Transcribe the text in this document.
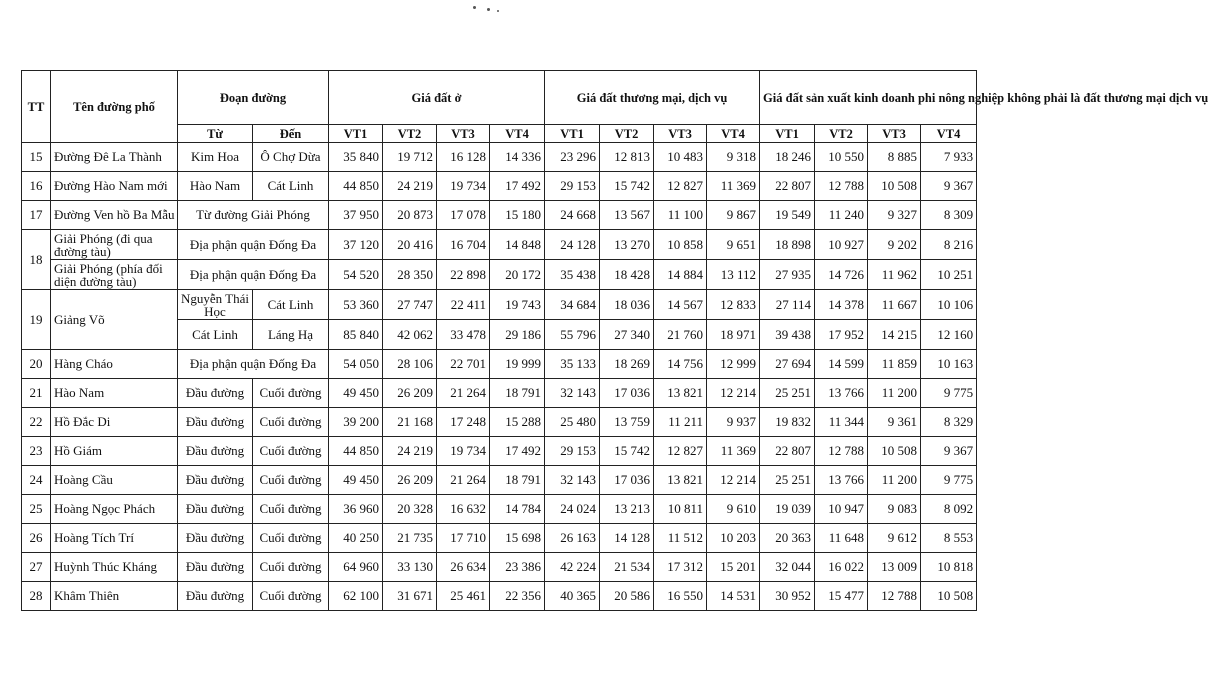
TT	Tên đường phố	Đoạn đường		Giá đất ở				Giá đất thương mại, dịch vụ				Giá đất sản xuất kinh doanh phi nông nghiệp không phải là đất thương mại dịch vụ			
		Từ	Đến	VT1	VT2	VT3	VT4	VT1	VT2	VT3	VT4	VT1	VT2	VT3	VT4
15	Đường Đê La Thành	Kim Hoa	Ô Chợ Dừa	35 840	19 712	16 128	14 336	23 296	12 813	10 483	9 318	18 246	10 550	8 885	7 933
16	Đường Hào Nam mới	Hào Nam	Cát Linh	44 850	24 219	19 734	17 492	29 153	15 742	12 827	11 369	22 807	12 788	10 508	9 367
17	Đường Ven hồ Ba Mẫu	Từ đường Giải Phóng		37 950	20 873	17 078	15 180	24 668	13 567	11 100	9 867	19 549	11 240	9 327	8 309
18	Giải Phóng (đi qua đường tàu)	Địa phận quận Đống Đa		37 120	20 416	16 704	14 848	24 128	13 270	10 858	9 651	18 898	10 927	9 202	8 216
	Giải Phóng (phía đối diện đường tàu)	Địa phận quận Đống Đa		54 520	28 350	22 898	20 172	35 438	18 428	14 884	13 112	27 935	14 726	11 962	10 251
19	Giảng Võ	Nguyễn Thái Học	Cát Linh	53 360	27 747	22 411	19 743	34 684	18 036	14 567	12 833	27 114	14 378	11 667	10 106
		Cát Linh	Láng Hạ	85 840	42 062	33 478	29 186	55 796	27 340	21 760	18 971	39 438	17 952	14 215	12 160
20	Hàng Cháo	Địa phận quận Đống Đa		54 050	28 106	22 701	19 999	35 133	18 269	14 756	12 999	27 694	14 599	11 859	10 163
21	Hào Nam	Đầu đường	Cuối đường	49 450	26 209	21 264	18 791	32 143	17 036	13 821	12 214	25 251	13 766	11 200	9 775
22	Hồ Đắc Di	Đầu đường	Cuối đường	39 200	21 168	17 248	15 288	25 480	13 759	11 211	9 937	19 832	11 344	9 361	8 329
23	Hồ Giám	Đầu đường	Cuối đường	44 850	24 219	19 734	17 492	29 153	15 742	12 827	11 369	22 807	12 788	10 508	9 367
24	Hoàng Cầu	Đầu đường	Cuối đường	49 450	26 209	21 264	18 791	32 143	17 036	13 821	12 214	25 251	13 766	11 200	9 775
25	Hoàng Ngọc Phách	Đầu đường	Cuối đường	36 960	20 328	16 632	14 784	24 024	13 213	10 811	9 610	19 039	10 947	9 083	8 092
26	Hoàng Tích Trí	Đầu đường	Cuối đường	40 250	21 735	17 710	15 698	26 163	14 128	11 512	10 203	20 363	11 648	9 612	8 553
27	Huỳnh Thúc Kháng	Đầu đường	Cuối đường	64 960	33 130	26 634	23 386	42 224	21 534	17 312	15 201	32 044	16 022	13 009	10 818
28	Khâm Thiên	Đầu đường	Cuối đường	62 100	31 671	25 461	22 356	40 365	20 586	16 550	14 531	30 952	15 477	12 788	10 508
